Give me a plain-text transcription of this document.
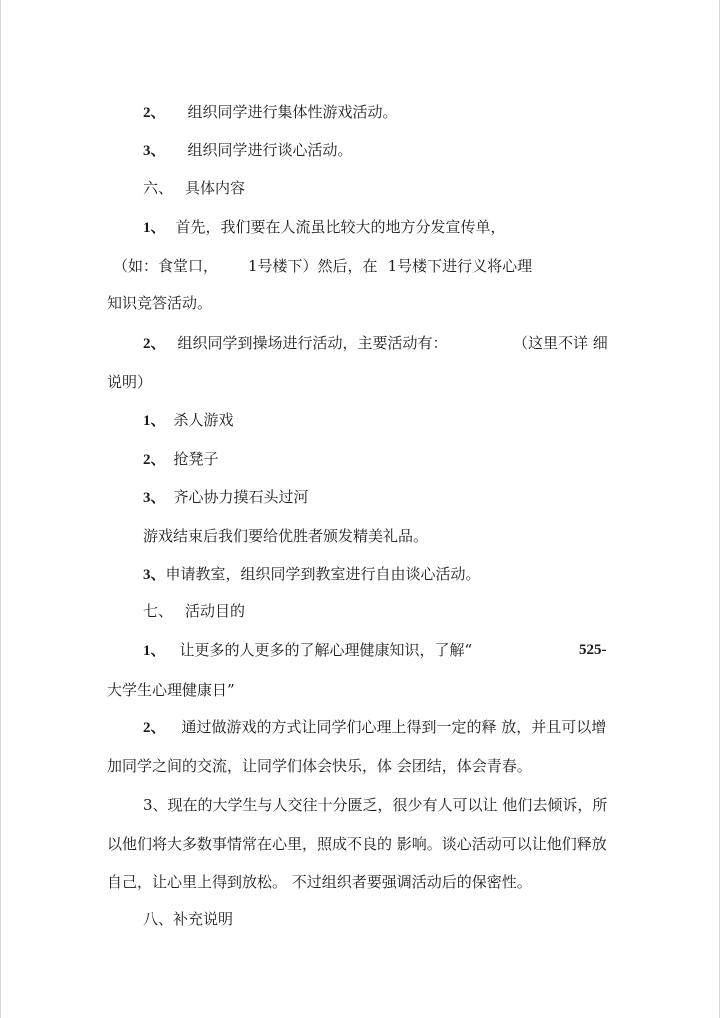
2、 组织同学进行集体性游戏活动。
3、 组织同学进行谈心活动。
六、 具体内容
1、 首先，我们要在人流虽比较大的地方分发宣传单，
（如：食堂口， 1号楼下）然后，在 1号楼下进行义将心理
知识竞答活动。
2、 组织同学到操场进行活动，主要活动有：	（这里不详 细
说明）
1、 杀人游戏
2、 抢凳子
3、 齐心协力摸石头过河
游戏结束后我们要给优胜者颁发精美礼品。
3、申请教室，组织同学到教室进行自由谈心活动。
七、 活动目的
1、 让更多的人更多的了解心理健康知识，了解“	525-
大学生心理健康日”
2、 通过做游戏的方式让同学们心理上得到一定的释 放，并且可以增
加同学之间的交流，让同学们体会快乐，体 会团结，体会青春。
3、现在的大学生与人交往十分匮乏，很少有人可以让 他们去倾诉，所
以他们将大多数事情常在心里，照成不良的 影响。谈心活动可以让他们释放
自己，让心里上得到放松。 不过组织者要强调活动后的保密性。
八、补充说明
